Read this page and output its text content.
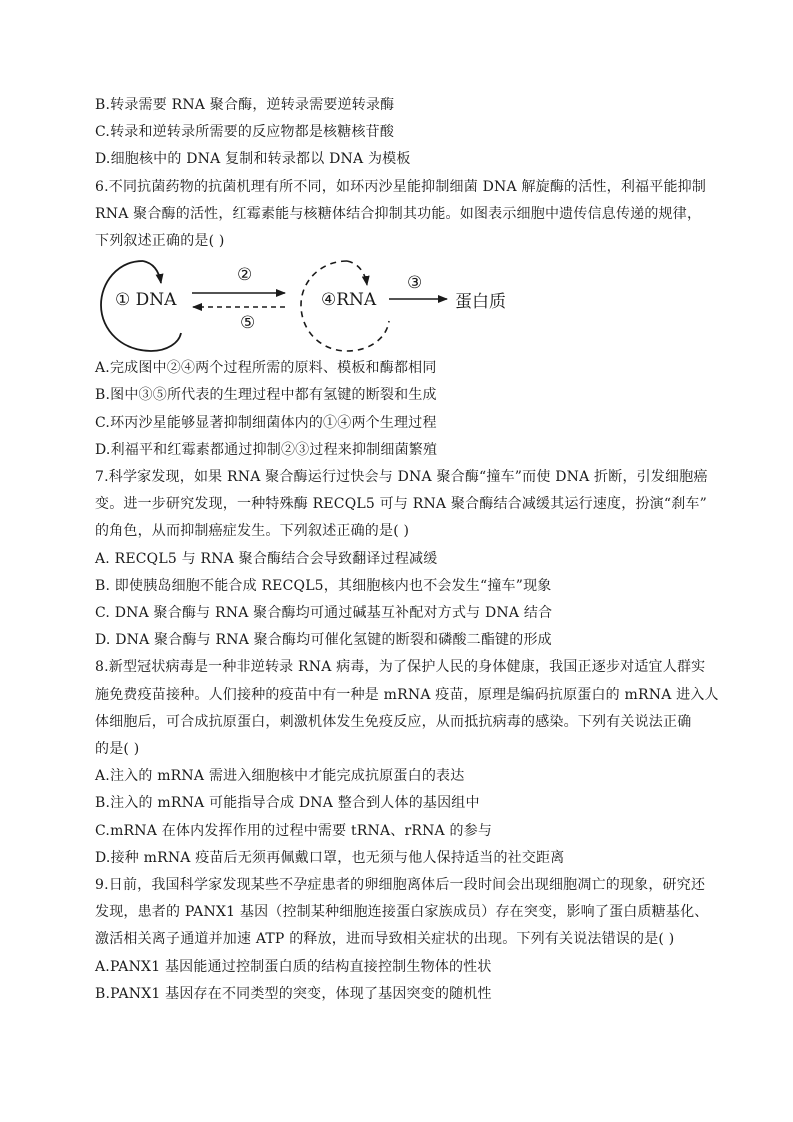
B.转录需要 RNA 聚合酶，逆转录需要逆转录酶
C.转录和逆转录所需要的反应物都是核糖核苷酸
D.细胞核中的 DNA 复制和转录都以 DNA 为模板
6.不同抗菌药物的抗菌机理有所不同，如环丙沙星能抑制细菌 DNA 解旋酶的活性，利福平能抑制
RNA 聚合酶的活性，红霉素能与核糖体结合抑制其功能。如图表示细胞中遗传信息传递的规律，
下列叙述正确的是( )
① DNA
②
⑤
④RNA
③
蛋白质
A.完成图中②④两个过程所需的原料、模板和酶都相同
B.图中③⑤所代表的生理过程中都有氢键的断裂和生成
C.环丙沙星能够显著抑制细菌体内的①④两个生理过程
D.利福平和红霉素都通过抑制②③过程来抑制细菌繁殖
7.科学家发现，如果 RNA 聚合酶运行过快会与 DNA 聚合酶“撞车”而使 DNA 折断，引发细胞癌
变。进一步研究发现，一种特殊酶 RECQL5 可与 RNA 聚合酶结合减缓其运行速度，扮演“刹车”
的角色，从而抑制癌症发生。下列叙述正确的是( )
A. RECQL5 与 RNA 聚合酶结合会导致翻译过程减缓
B. 即使胰岛细胞不能合成 RECQL5，其细胞核内也不会发生“撞车”现象
C. DNA 聚合酶与 RNA 聚合酶均可通过碱基互补配对方式与 DNA 结合
D. DNA 聚合酶与 RNA 聚合酶均可催化氢键的断裂和磷酸二酯键的形成
8.新型冠状病毒是一种非逆转录 RNA 病毒，为了保护人民的身体健康，我国正逐步对适宜人群实
施免费疫苗接种。人们接种的疫苗中有一种是 mRNA 疫苗，原理是编码抗原蛋白的 mRNA 进入人
体细胞后，可合成抗原蛋白，刺激机体发生免疫反应，从而抵抗病毒的感染。下列有关说法正确
的是( )
A.注入的 mRNA 需进入细胞核中才能完成抗原蛋白的表达
B.注入的 mRNA 可能指导合成 DNA 整合到人体的基因组中
C.mRNA 在体内发挥作用的过程中需要 tRNA、rRNA 的参与
D.接种 mRNA 疫苗后无须再佩戴口罩，也无须与他人保持适当的社交距离
9.日前，我国科学家发现某些不孕症患者的卵细胞离体后一段时间会出现细胞凋亡的现象，研究还
发现，患者的 PANX1 基因（控制某种细胞连接蛋白家族成员）存在突变，影响了蛋白质糖基化、
激活相关离子通道并加速 ATP 的释放，进而导致相关症状的出现。下列有关说法错误的是( )
A.PANX1 基因能通过控制蛋白质的结构直接控制生物体的性状
B.PANX1 基因存在不同类型的突变，体现了基因突变的随机性
